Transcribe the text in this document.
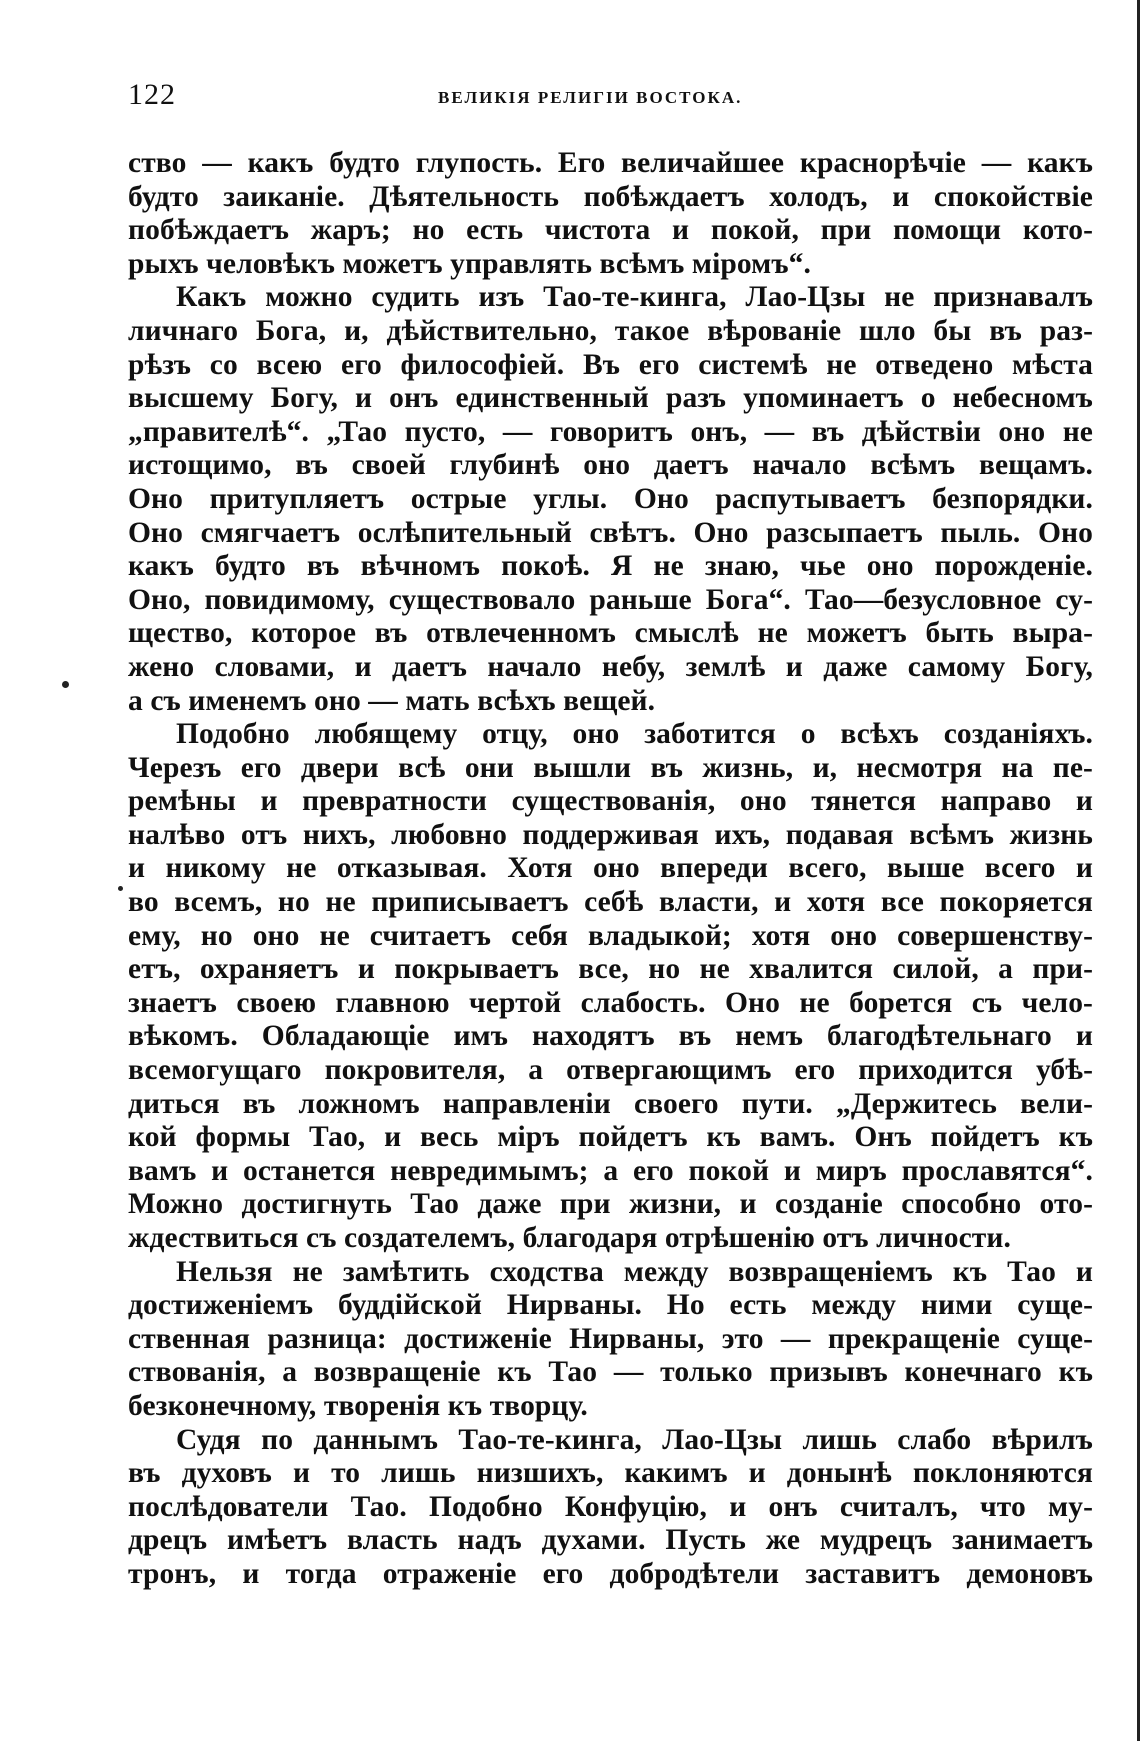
122	ВЕЛИКІЯ РЕЛИГІИ ВОСТОКА.
ство — какъ будто глупость. Его величайшее краснорѣчіе — какъ
будто заиканіе. Дѣятельность побѣждаетъ холодъ, и спокойствіе
побѣждаетъ жаръ; но есть чистота и покой, при помощи кото-
рыхъ человѣкъ можетъ управлять всѣмъ міромъ“.
Какъ можно судить изъ Тао-те-кинга, Лао-Цзы не признавалъ
личнаго Бога, и, дѣйствительно, такое вѣрованіе шло бы въ раз-
рѣзъ со всею его философіей. Въ его системѣ не отведено мѣста
высшему Богу, и онъ единственный разъ упоминаетъ о небесномъ
„правителѣ“. „Тао пусто, — говоритъ онъ, — въ дѣйствіи оно не
истощимо, въ своей глубинѣ оно даетъ начало всѣмъ вещамъ.
Оно притупляетъ острые углы. Оно распутываетъ безпорядки.
Оно смягчаетъ ослѣпительный свѣтъ. Оно разсыпаетъ пыль. Оно
какъ будто въ вѣчномъ покоѣ. Я не знаю, чье оно порожденіе.
Оно, повидимому, существовало раньше Бога“. Тао—безусловное су-
щество, которое въ отвлеченномъ смыслѣ не можетъ быть выра-
жено словами, и даетъ начало небу, землѣ и даже самому Богу,
а съ именемъ оно — мать всѣхъ вещей.
Подобно любящему отцу, оно заботится о всѣхъ созданіяхъ.
Черезъ его двери всѣ они вышли въ жизнь, и, несмотря на пе-
ремѣны и превратности существованія, оно тянется направо и
налѣво отъ нихъ, любовно поддерживая ихъ, подавая всѣмъ жизнь
и никому не отказывая. Хотя оно впереди всего, выше всего и
во всемъ, но не приписываетъ себѣ власти, и хотя все покоряется
ему, но оно не считаетъ себя владыкой; хотя оно совершенству-
етъ, охраняетъ и покрываетъ все, но не хвалится силой, а при-
знаетъ своею главною чертой слабость. Оно не борется съ чело-
вѣкомъ. Обладающіе имъ находятъ въ немъ благодѣтельнаго и
всемогущаго покровителя, а отвергающимъ его приходится убѣ-
диться въ ложномъ направленіи своего пути. „Держитесь вели-
кой формы Тао, и весь міръ пойдетъ къ вамъ. Онъ пойдетъ къ
вамъ и останется невредимымъ; а его покой и миръ прославятся“.
Можно достигнуть Тао даже при жизни, и созданіе способно ото-
ждествиться съ создателемъ, благодаря отрѣшенію отъ личности.
Нельзя не замѣтить сходства между возвращеніемъ къ Тао и
достиженіемъ буддійской Нирваны. Но есть между ними суще-
ственная разница: достиженіе Нирваны, это — прекращеніе суще-
ствованія, а возвращеніе къ Тао — только призывъ конечнаго къ
безконечному, творенія къ творцу.
Судя по даннымъ Тао-те-кинга, Лао-Цзы лишь слабо вѣрилъ
въ духовъ и то лишь низшихъ, какимъ и донынѣ поклоняются
послѣдователи Тао. Подобно Конфуцію, и онъ считалъ, что му-
дрецъ имѣетъ власть надъ духами. Пусть же мудрецъ занимаетъ
тронъ, и тогда отраженіе его добродѣтели заставитъ демоновъ
